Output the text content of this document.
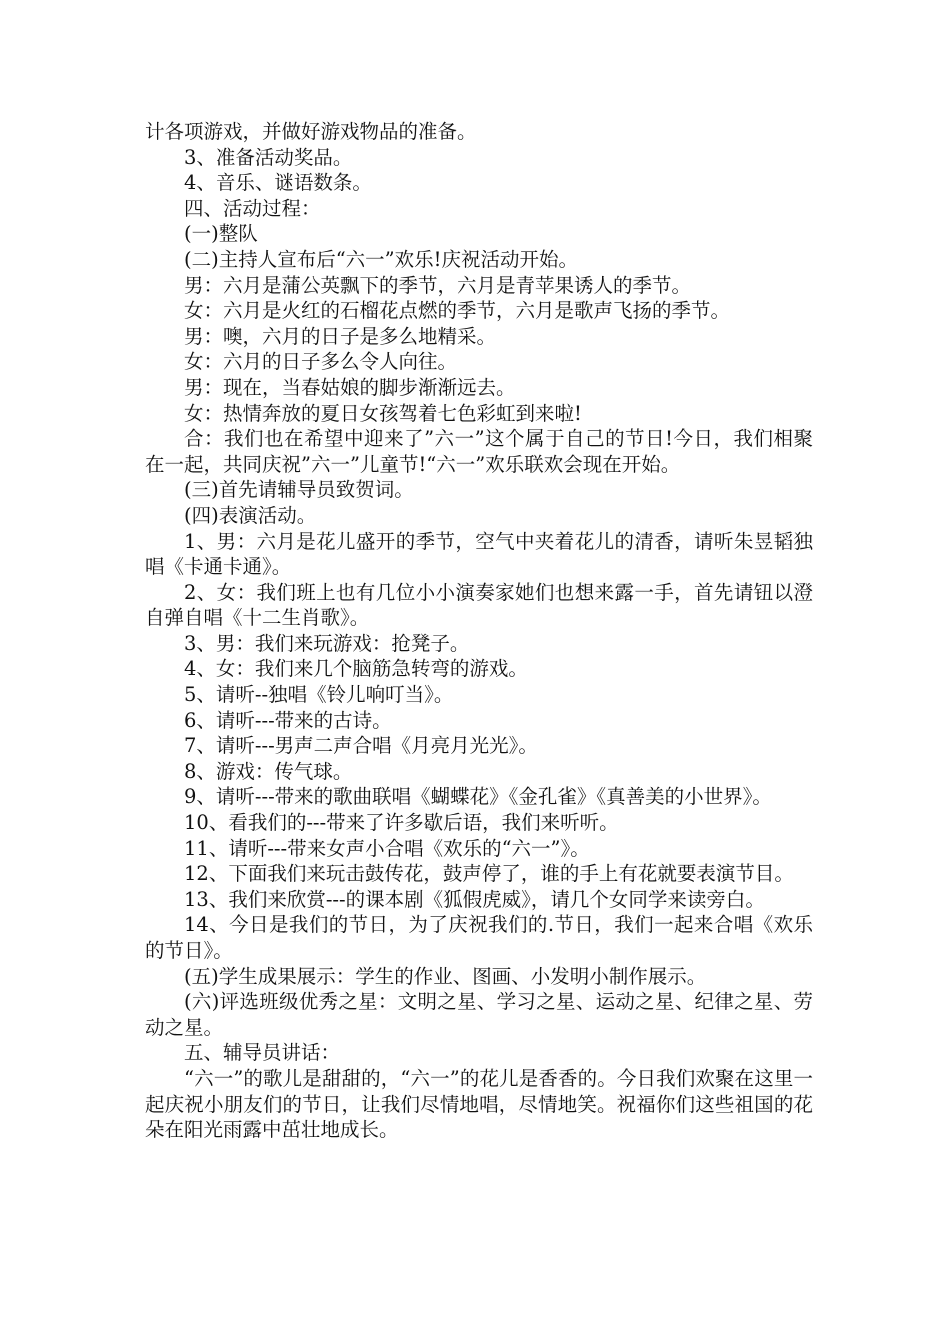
计各项游戏，并做好游戏物品的准备。

3、准备活动奖品。

4、音乐、谜语数条。

四、活动过程：

(一)整队

(二)主持人宣布后“六一”欢乐!庆祝活动开始。

男：六月是蒲公英飘下的季节，六月是青苹果诱人的季节。

女：六月是火红的石榴花点燃的季节，六月是歌声飞扬的季节。

男：噢，六月的日子是多么地精采。

女：六月的日子多么令人向往。

男：现在，当春姑娘的脚步渐渐远去。

女：热情奔放的夏日女孩驾着七色彩虹到来啦!

合：我们也在希望中迎来了”六一”这个属于自己的节日!今日，我们相聚在一起，共同庆祝”六一”儿童节!“六一”欢乐联欢会现在开始。

(三)首先请辅导员致贺词。

(四)表演活动。

1、男：六月是花儿盛开的季节，空气中夹着花儿的清香，请听朱昱韬独唱《卡通卡通》。

2、女：我们班上也有几位小小演奏家她们也想来露一手，首先请钮以澄自弹自唱《十二生肖歌》。

3、男：我们来玩游戏：抢凳子。

4、女：我们来几个脑筋急转弯的游戏。

5、请听--独唱《铃儿响叮当》。

6、请听---带来的古诗。

7、请听---男声二声合唱《月亮月光光》。

8、游戏：传气球。

9、请听---带来的歌曲联唱《蝴蝶花》《金孔雀》《真善美的小世界》。

10、看我们的---带来了许多歇后语，我们来听听。

11、请听---带来女声小合唱《欢乐的“六一”》。

12、下面我们来玩击鼓传花，鼓声停了，谁的手上有花就要表演节目。

13、我们来欣赏---的课本剧《狐假虎威》，请几个女同学来读旁白。

14、今日是我们的节日，为了庆祝我们的.节日，我们一起来合唱《欢乐的节日》。

(五)学生成果展示：学生的作业、图画、小发明小制作展示。

(六)评选班级优秀之星：文明之星、学习之星、运动之星、纪律之星、劳动之星。

五、辅导员讲话：

“六一”的歌儿是甜甜的，“六一”的花儿是香香的。今日我们欢聚在这里一起庆祝小朋友们的节日，让我们尽情地唱，尽情地笑。祝福你们这些祖国的花朵在阳光雨露中茁壮地成长。
